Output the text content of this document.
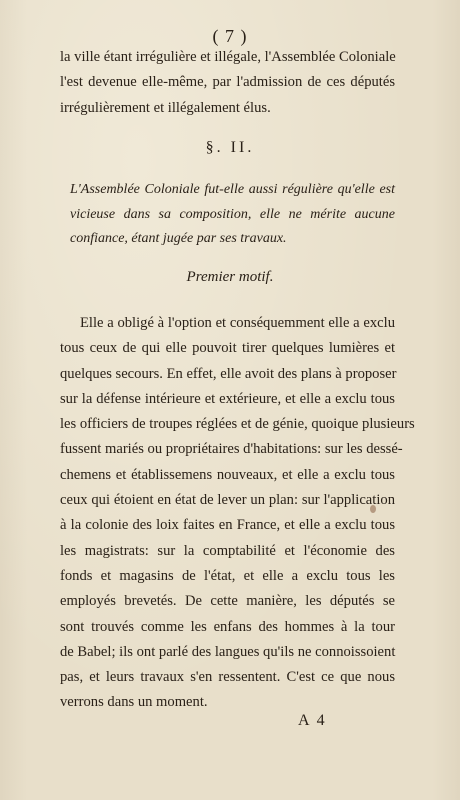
( 7 )

la ville étant irrégulière et illégale, l'Assemblée Coloniale
l'est devenue elle-même, par l'admission de ces députés
irrégulièrement et illégalement élus.

§. II.

L'Assemblée Coloniale fut-elle aussi régulière qu'elle est
vicieuse dans sa composition, elle ne mérite aucune
confiance, étant jugée par ses travaux.

Premier motif.

Elle a obligé à l'option et conséquemment elle a exclu
tous ceux de qui elle pouvoit tirer quelques lumières et
quelques secours. En effet, elle avoit des plans à proposer
sur la défense intérieure et extérieure, et elle a exclu tous
les officiers de troupes réglées et de génie, quoique plusieurs
fussent mariés ou propriétaires d'habitations: sur les dessé-
chemens et établissemens nouveaux, et elle a exclu tous
ceux qui étoient en état de lever un plan: sur l'application
à la colonie des loix faites en France, et elle a exclu tous
les magistrats: sur la comptabilité et l'économie des
fonds et magasins de l'état, et elle a exclu tous les
employés brevetés. De cette manière, les députés se
sont trouvés comme les enfans des hommes à la tour
de Babel; ils ont parlé des langues qu'ils ne connoissoient
pas, et leurs travaux s'en ressentent. C'est ce que nous
verrons dans un moment.

A 4
